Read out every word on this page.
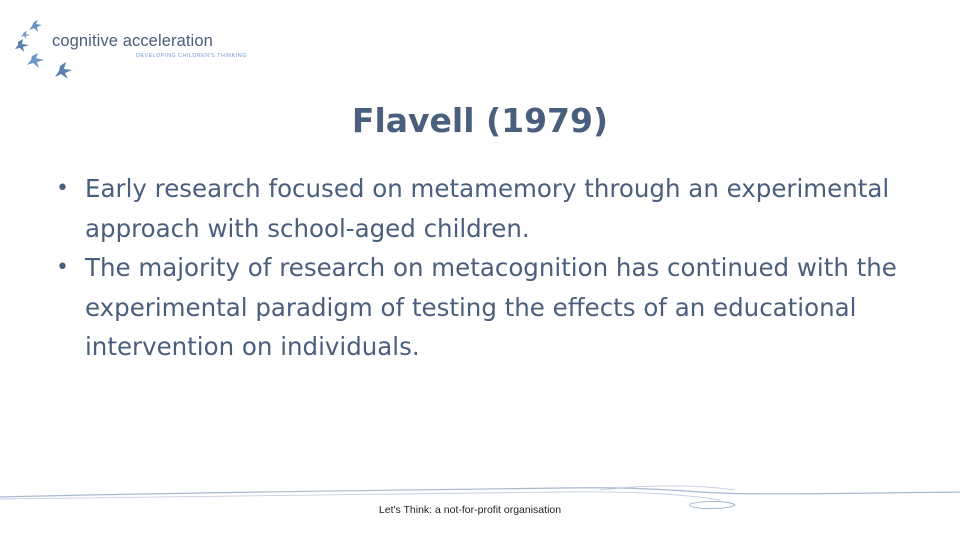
cognitive acceleration
DEVELOPING CHILDREN'S THINKING
Flavell (1979)
• Early research focused on metamemory through an experimental approach with school-aged children.
• The majority of research on metacognition has continued with the experimental paradigm of testing the effects of an educational intervention on individuals.
Let's Think: a not-for-profit organisation
